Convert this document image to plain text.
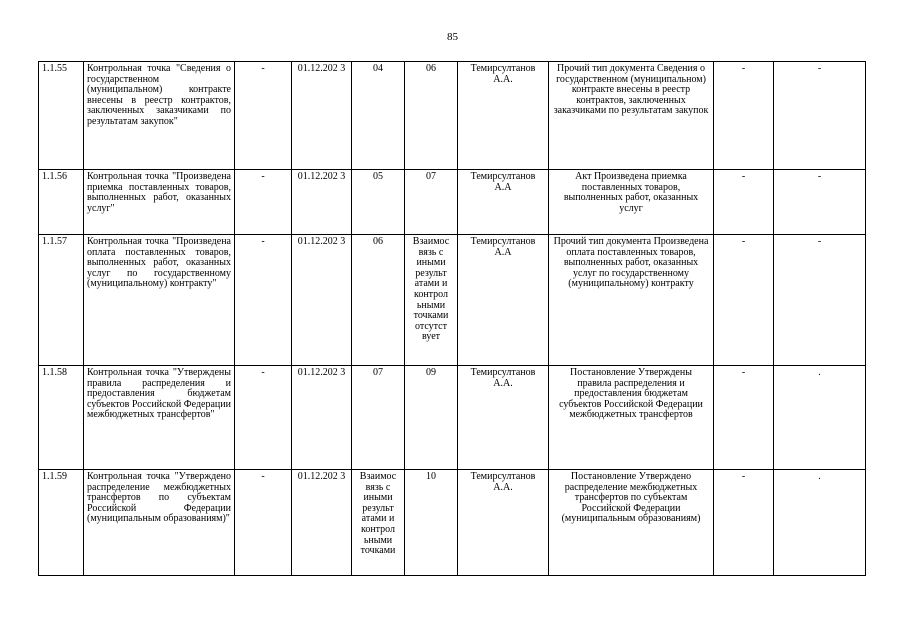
85
1.1.55	Контрольная точка "Сведения о государственном (муниципальном) контракте внесены в реестр контрактов, заключенных заказчиками по результатам закупок"	-	01.12.202 3	04	06	Темирсултанов А.А.	Прочий тип документа Сведения о государственном (муниципальном) контракте внесены в реестр контрактов, заключенных заказчиками по результатам закупок	-	-
1.1.56	Контрольная точка "Произведена приемка поставленных товаров, выполненных работ, оказанных услуг"	-	01.12.202 3	05	07	Темирсултанов А.А	Акт Произведена приемка поставленных товаров, выполненных работ, оказанных услуг	-	-
1.1.57	Контрольная точка "Произведена оплата поставленных товаров, выполненных работ, оказанных услуг по государственному (муниципальному) контракту"	-	01.12.202 3	06	Взаимос вязь с иными результ атами и контрол ьными точками отсутст вует	Темирсултанов А.А	Прочий тип документа Произведена оплата поставленных товаров, выполненных работ, оказанных услуг по государственному (муниципальному) контракту	-	-
1.1.58	Контрольная точка "Утверждены правила распределения и предоставления бюджетам субъектов Российской Федерации межбюджетных трансфертов"	-	01.12.202 3	07	09	Темирсултанов А.А.	Постановление Утверждены правила распределения и предоставления бюджетам субъектов Российской Федерации межбюджетных трансфертов	-	.
1.1.59	Контрольная точка "Утверждено распределение межбюджетных трансфертов по субъектам Российской Федерации (муниципальным образованиям)"	-	01.12.202 3	Взаимос вязь с иными результ атами и контрол ьными точками	10	Темирсултанов А.А.	Постановление Утверждено распределение межбюджетных трансфертов по субъектам Российской Федерации (муниципальным образованиям)	-	.
